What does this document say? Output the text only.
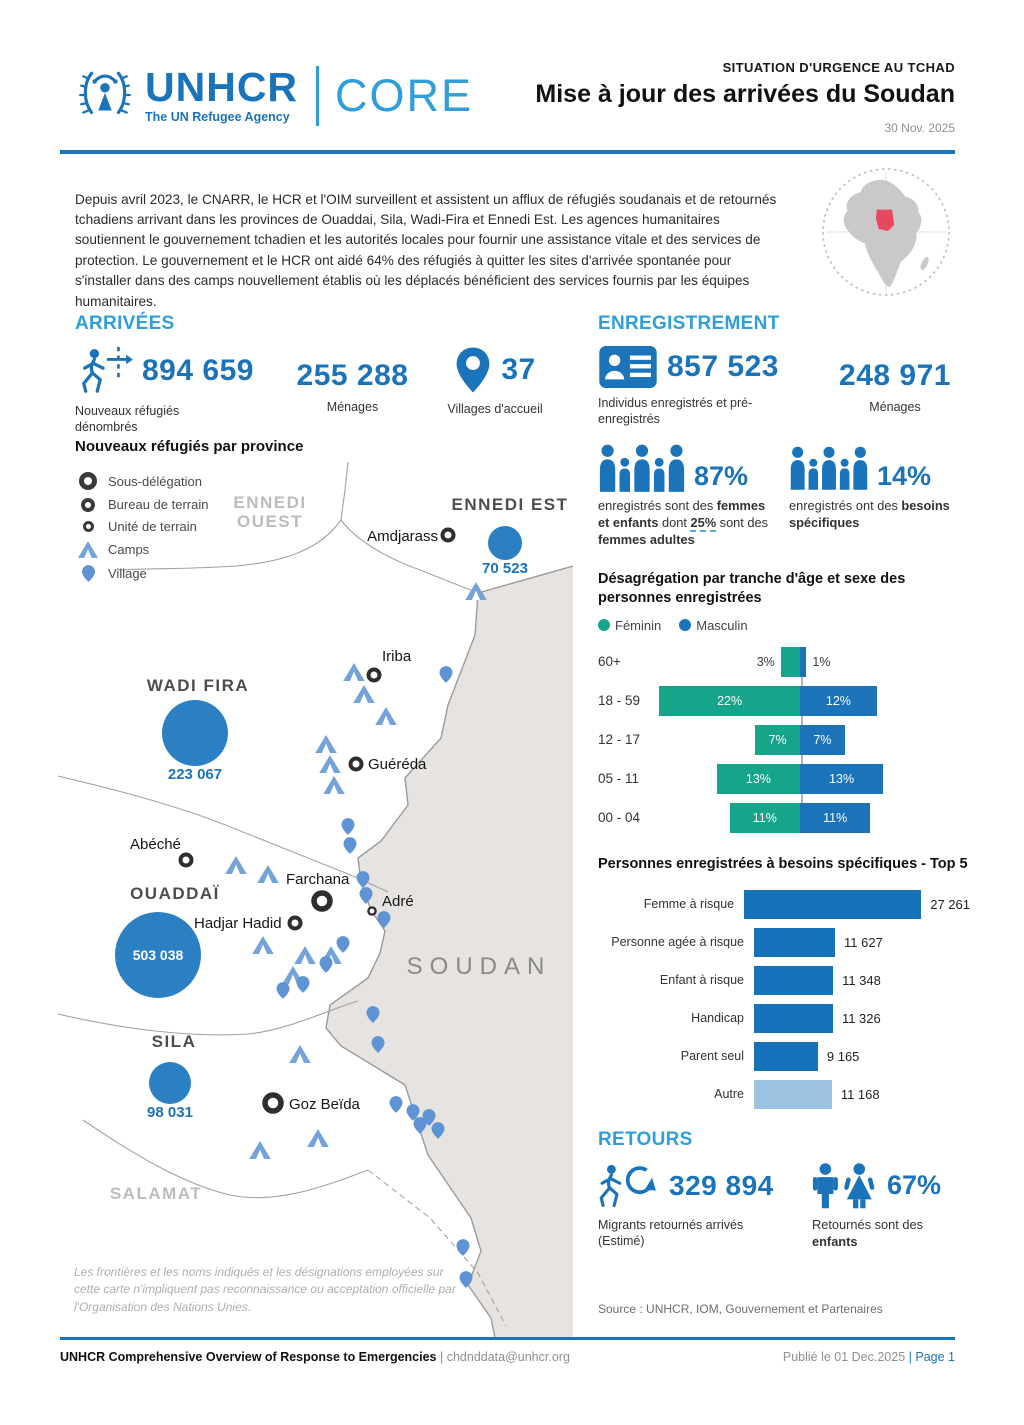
UNHCR
The UN Refugee Agency CORE
SITUATION D'URGENCE AU TCHAD
Mise à jour des arrivées du Soudan
30 Nov. 2025

Depuis avril 2023, le CNARR, le HCR et l'OIM surveillent et assistent un afflux de réfugiés soudanais et de retournés tchadiens arrivant dans les provinces de Ouaddai, Sila, Wadi-Fira et Ennedi Est. Les agences humanitaires soutiennent le gouvernement tchadien et les autorités locales pour fournir une assistance vitale et des services de protection. Le gouvernement et le HCR ont aidé 64% des réfugiés à quitter les sites d'arrivée spontanée pour s'installer dans des camps nouvellement établis où les déplacés bénéficient des services fournis par les équipes humanitaires.

ARRIVÉES
894 659
Nouveaux réfugiés dénombrés
255 288
Ménages
37
Villages d'accueil
Nouveaux réfugiés par province
Amdjarass
Iriba
Guéréda
Abéché
Farchana
Hadjar Hadid
Adré
Goz Beïda
ENNEDI OUEST
ENNEDI EST
WADI FIRA
OUADDAÏ
SILA
SALAMAT
SOUDAN
70 523
223 067
503 038
98 031
Sous-délégation
Bureau de terrain
Unité de terrain
Camps
Village
Les frontières et les noms indiqués et les désignations employées sur cette carte n'impliquent pas reconnaissance ou acceptation officielle par l'Organisation des Nations Unies.
ENREGISTREMENT
857 523
Individus enregistrés et pré-enregistrés
248 971
Ménages
87%
enregistrés sont des femmes et enfants dont 25% sont des femmes adultes
14%
enregistrés ont des besoins spécifiques
Désagrégation par tranche d'âge et sexe des personnes enregistrées
Féminin	Masculin
60+	3%	1%
18 - 59	22%	12%
12 - 17	7%	7%
05 - 11	13%	13%
00 - 04	11%	11%
Personnes enregistrées à besoins spécifiques - Top 5
Femme à risque	27 261
Personne agée à risque	11 627
Enfant à risque	11 348
Handicap	11 326
Parent seul	9 165
Autre	11 168
RETOURS
329 894
Migrants retournés arrivés (Estimé)
67%
Retournés sont des enfants
Source : UNHCR, IOM, Gouvernement et Partenaires
UNHCR Comprehensive Overview of Response to Emergencies | chdnddata@unhcr.org	Publié le 01 Dec.2025 | Page 1
